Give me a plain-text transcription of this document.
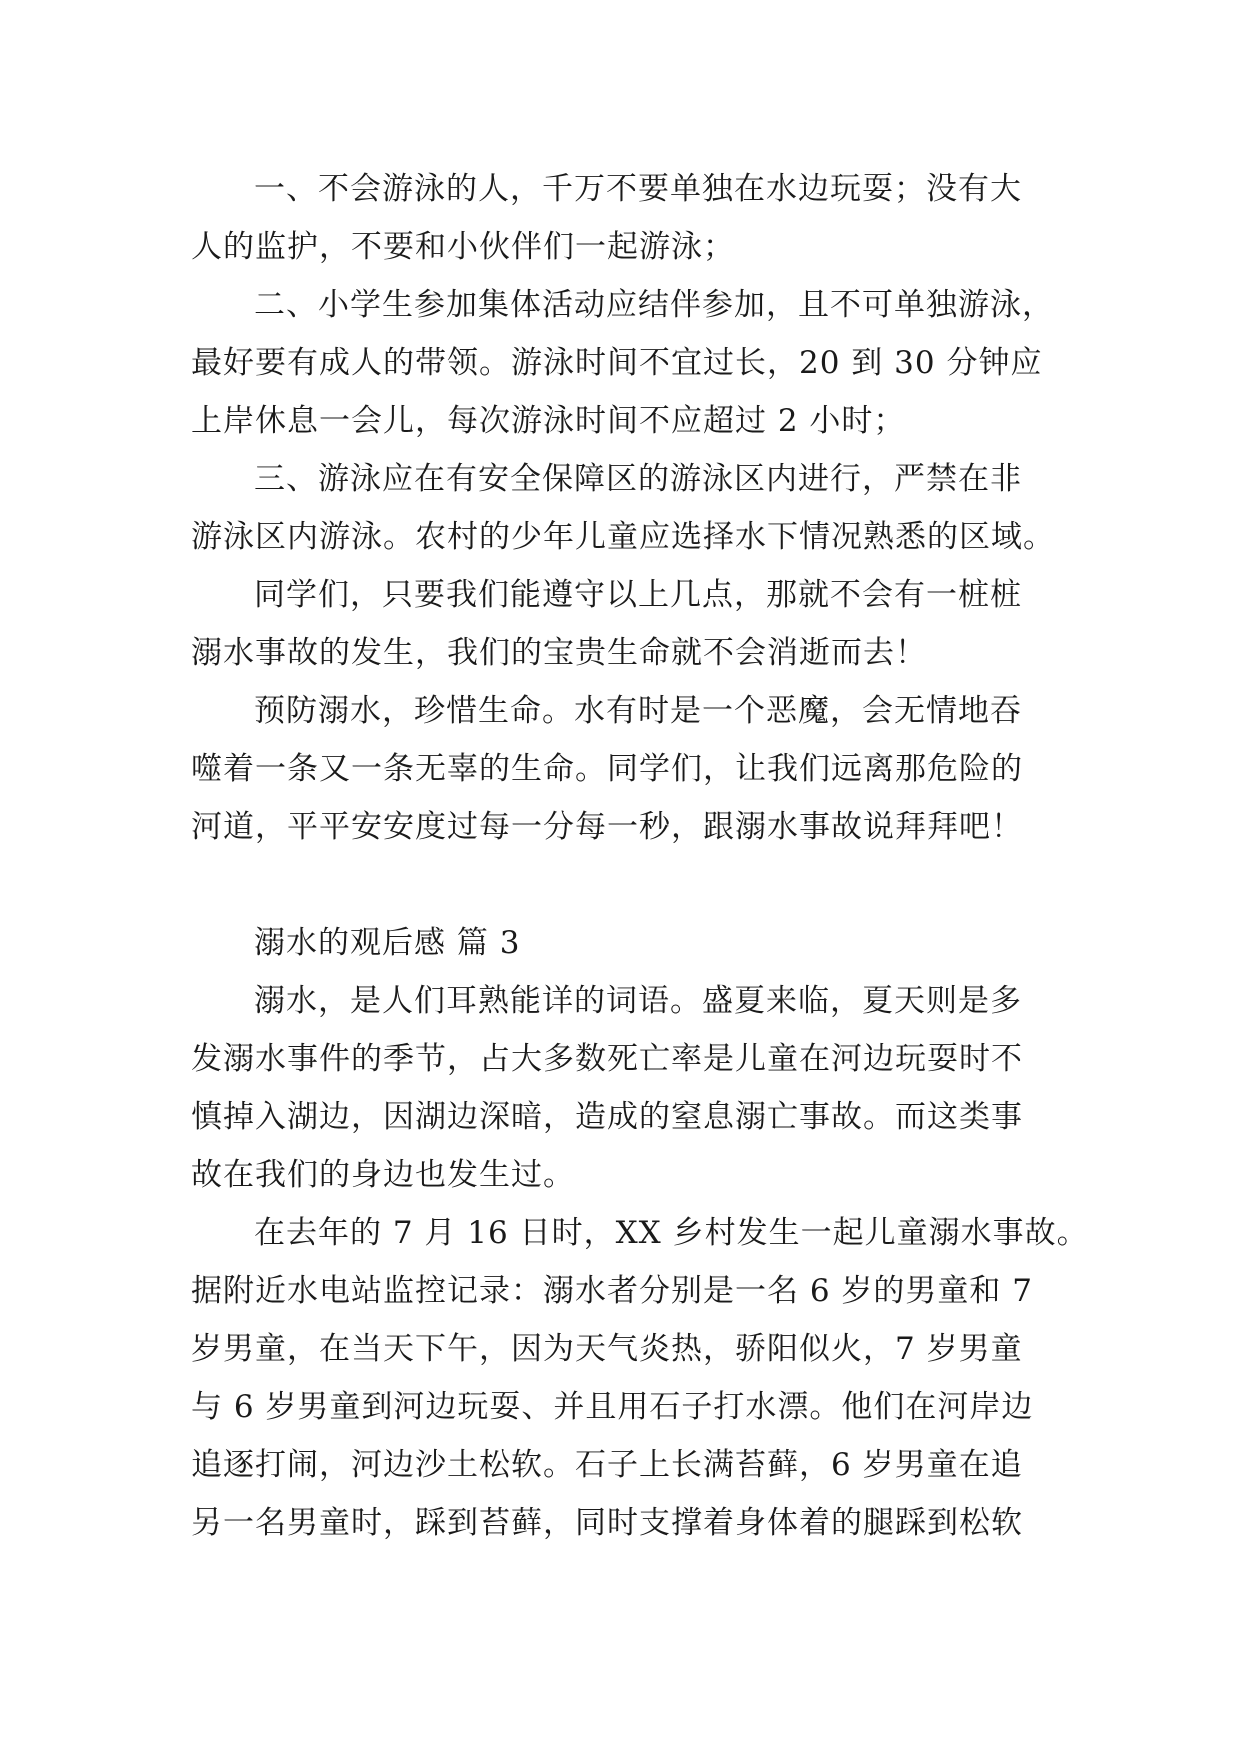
一、不会游泳的人，千万不要单独在水边玩耍；没有大
人的监护，不要和小伙伴们一起游泳；
二、小学生参加集体活动应结伴参加，且不可单独游泳，
最好要有成人的带领。游泳时间不宜过长，20 到 30 分钟应
上岸休息一会儿，每次游泳时间不应超过 2 小时；
三、游泳应在有安全保障区的游泳区内进行，严禁在非
游泳区内游泳。农村的少年儿童应选择水下情况熟悉的区域。
同学们，只要我们能遵守以上几点，那就不会有一桩桩
溺水事故的发生，我们的宝贵生命就不会消逝而去！
预防溺水，珍惜生命。水有时是一个恶魔，会无情地吞
噬着一条又一条无辜的生命。同学们，让我们远离那危险的
河道，平平安安度过每一分每一秒，跟溺水事故说拜拜吧！
溺水的观后感 篇 3
溺水，是人们耳熟能详的词语。盛夏来临，夏天则是多
发溺水事件的季节，占大多数死亡率是儿童在河边玩耍时不
慎掉入湖边，因湖边深暗，造成的窒息溺亡事故。而这类事
故在我们的身边也发生过。
在去年的 7 月 16 日时，XX 乡村发生一起儿童溺水事故。
据附近水电站监控记录：溺水者分别是一名 6 岁的男童和 7
岁男童，在当天下午，因为天气炎热，骄阳似火，7 岁男童
与 6 岁男童到河边玩耍、并且用石子打水漂。他们在河岸边
追逐打闹，河边沙土松软。石子上长满苔藓，6 岁男童在追
另一名男童时，踩到苔藓，同时支撑着身体着的腿踩到松软
